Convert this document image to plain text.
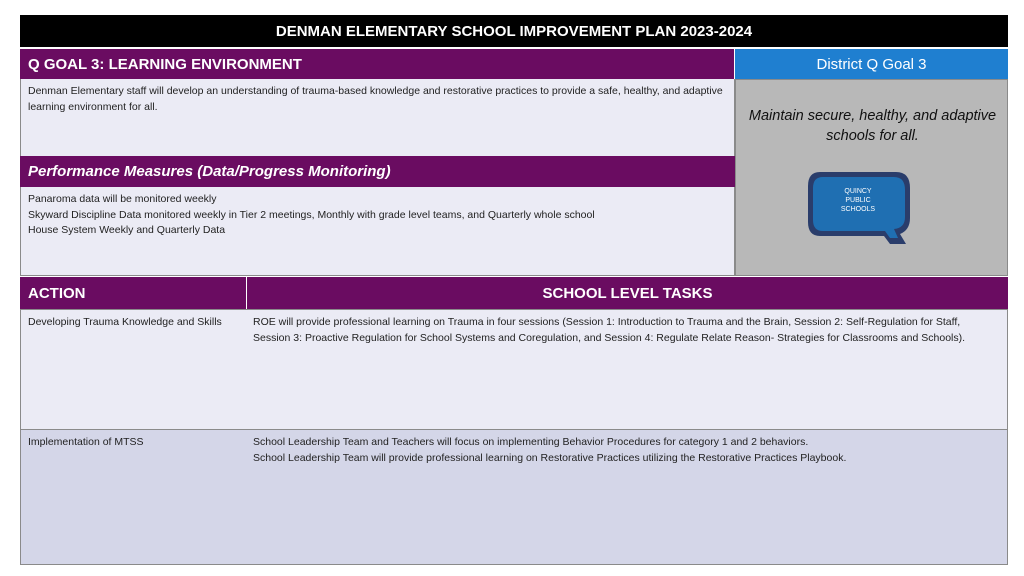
DENMAN ELEMENTARY SCHOOL IMPROVEMENT PLAN 2023-2024
Q GOAL 3: LEARNING ENVIRONMENT	District Q Goal 3
Denman Elementary staff will develop an understanding of trauma-based knowledge and restorative practices to provide a safe, healthy, and adaptive learning environment for all.
Performance Measures (Data/Progress Monitoring)
Panaroma data will be monitored weekly
Skyward Discipline Data monitored weekly in Tier 2 meetings, Monthly with grade level teams, and Quarterly whole school
House System Weekly and Quarterly Data
Maintain secure, healthy, and adaptive schools for all.
QUINCY
PUBLIC
SCHOOLS
ACTION	SCHOOL LEVEL TASKS
Developing Trauma Knowledge and Skills	ROE will provide professional learning on Trauma in four sessions (Session 1: Introduction to Trauma and the Brain, Session 2: Self-Regulation for Staff, Session 3: Proactive Regulation for School Systems and Coregulation, and Session 4: Regulate Relate Reason- Strategies for Classrooms and Schools).
Implementation of MTSS	School Leadership Team and Teachers will focus on implementing Behavior Procedures for category 1 and 2 behaviors.
School Leadership Team will provide professional learning on Restorative Practices utilizing the Restorative Practices Playbook.
